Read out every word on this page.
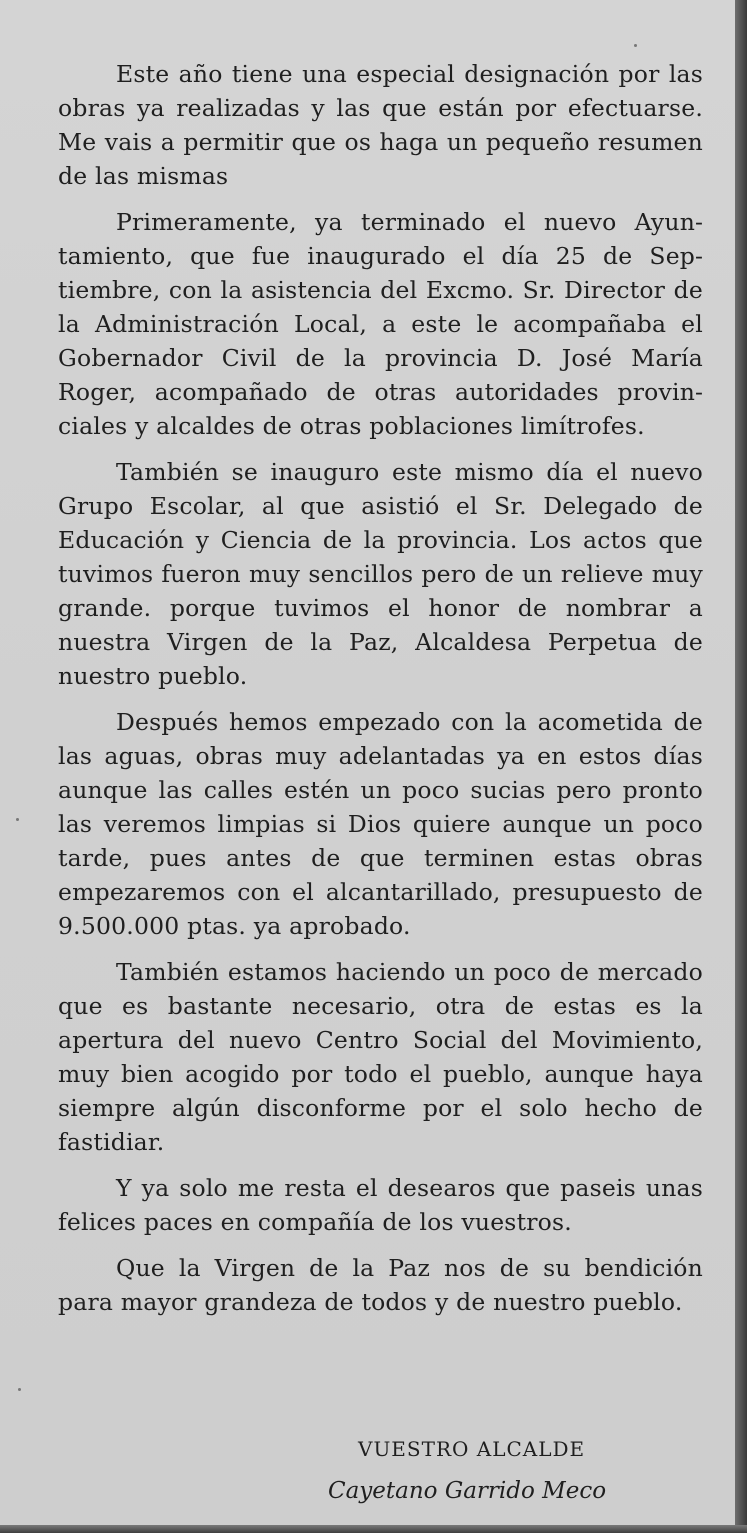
Este año tiene una especial designación por las obras ya realizadas y las que están por efectuarse. Me vais a permitir que os haga un pequeño resumen de las mismas

Primeramente, ya terminado el nuevo Ayuntamiento, que fue inaugurado el día 25 de Septiembre, con la asistencia del Excmo. Sr. Director de la Administración Local, a este le acompañaba el Gobernador Civil de la provincia D. José María Roger, acompañado de otras autoridades provinciales y alcaldes de otras poblaciones limítrofes.

También se inauguro este mismo día el nuevo Grupo Escolar, al que asistió el Sr. Delegado de Educación y Ciencia de la provincia. Los actos que tuvimos fueron muy sencillos pero de un relieve muy grande. porque tuvimos el honor de nombrar a nuestra Virgen de la Paz, Alcaldesa Perpetua de nuestro pueblo.

Después hemos empezado con la acometida de las aguas, obras muy adelantadas ya en estos días aunque las calles estén un poco sucias pero pronto las veremos limpias si Dios quiere aunque un poco tarde, pues antes de que terminen estas obras empezaremos con el alcantarillado, presupuesto de 9.500.000 ptas. ya aprobado.

También estamos haciendo un poco de mercado que es bastante necesario, otra de estas es la apertura del nuevo Centro Social del Movimiento, muy bien acogido por todo el pueblo, aunque haya siempre algún disconforme por el solo hecho de fastidiar.

Y ya solo me resta el desearos que paseis unas felices paces en compañía de los vuestros.

Que la Virgen de la Paz nos de su bendición para mayor grandeza de todos y de nuestro pueblo.

VUESTRO ALCALDE
Cayetano Garrido Meco
